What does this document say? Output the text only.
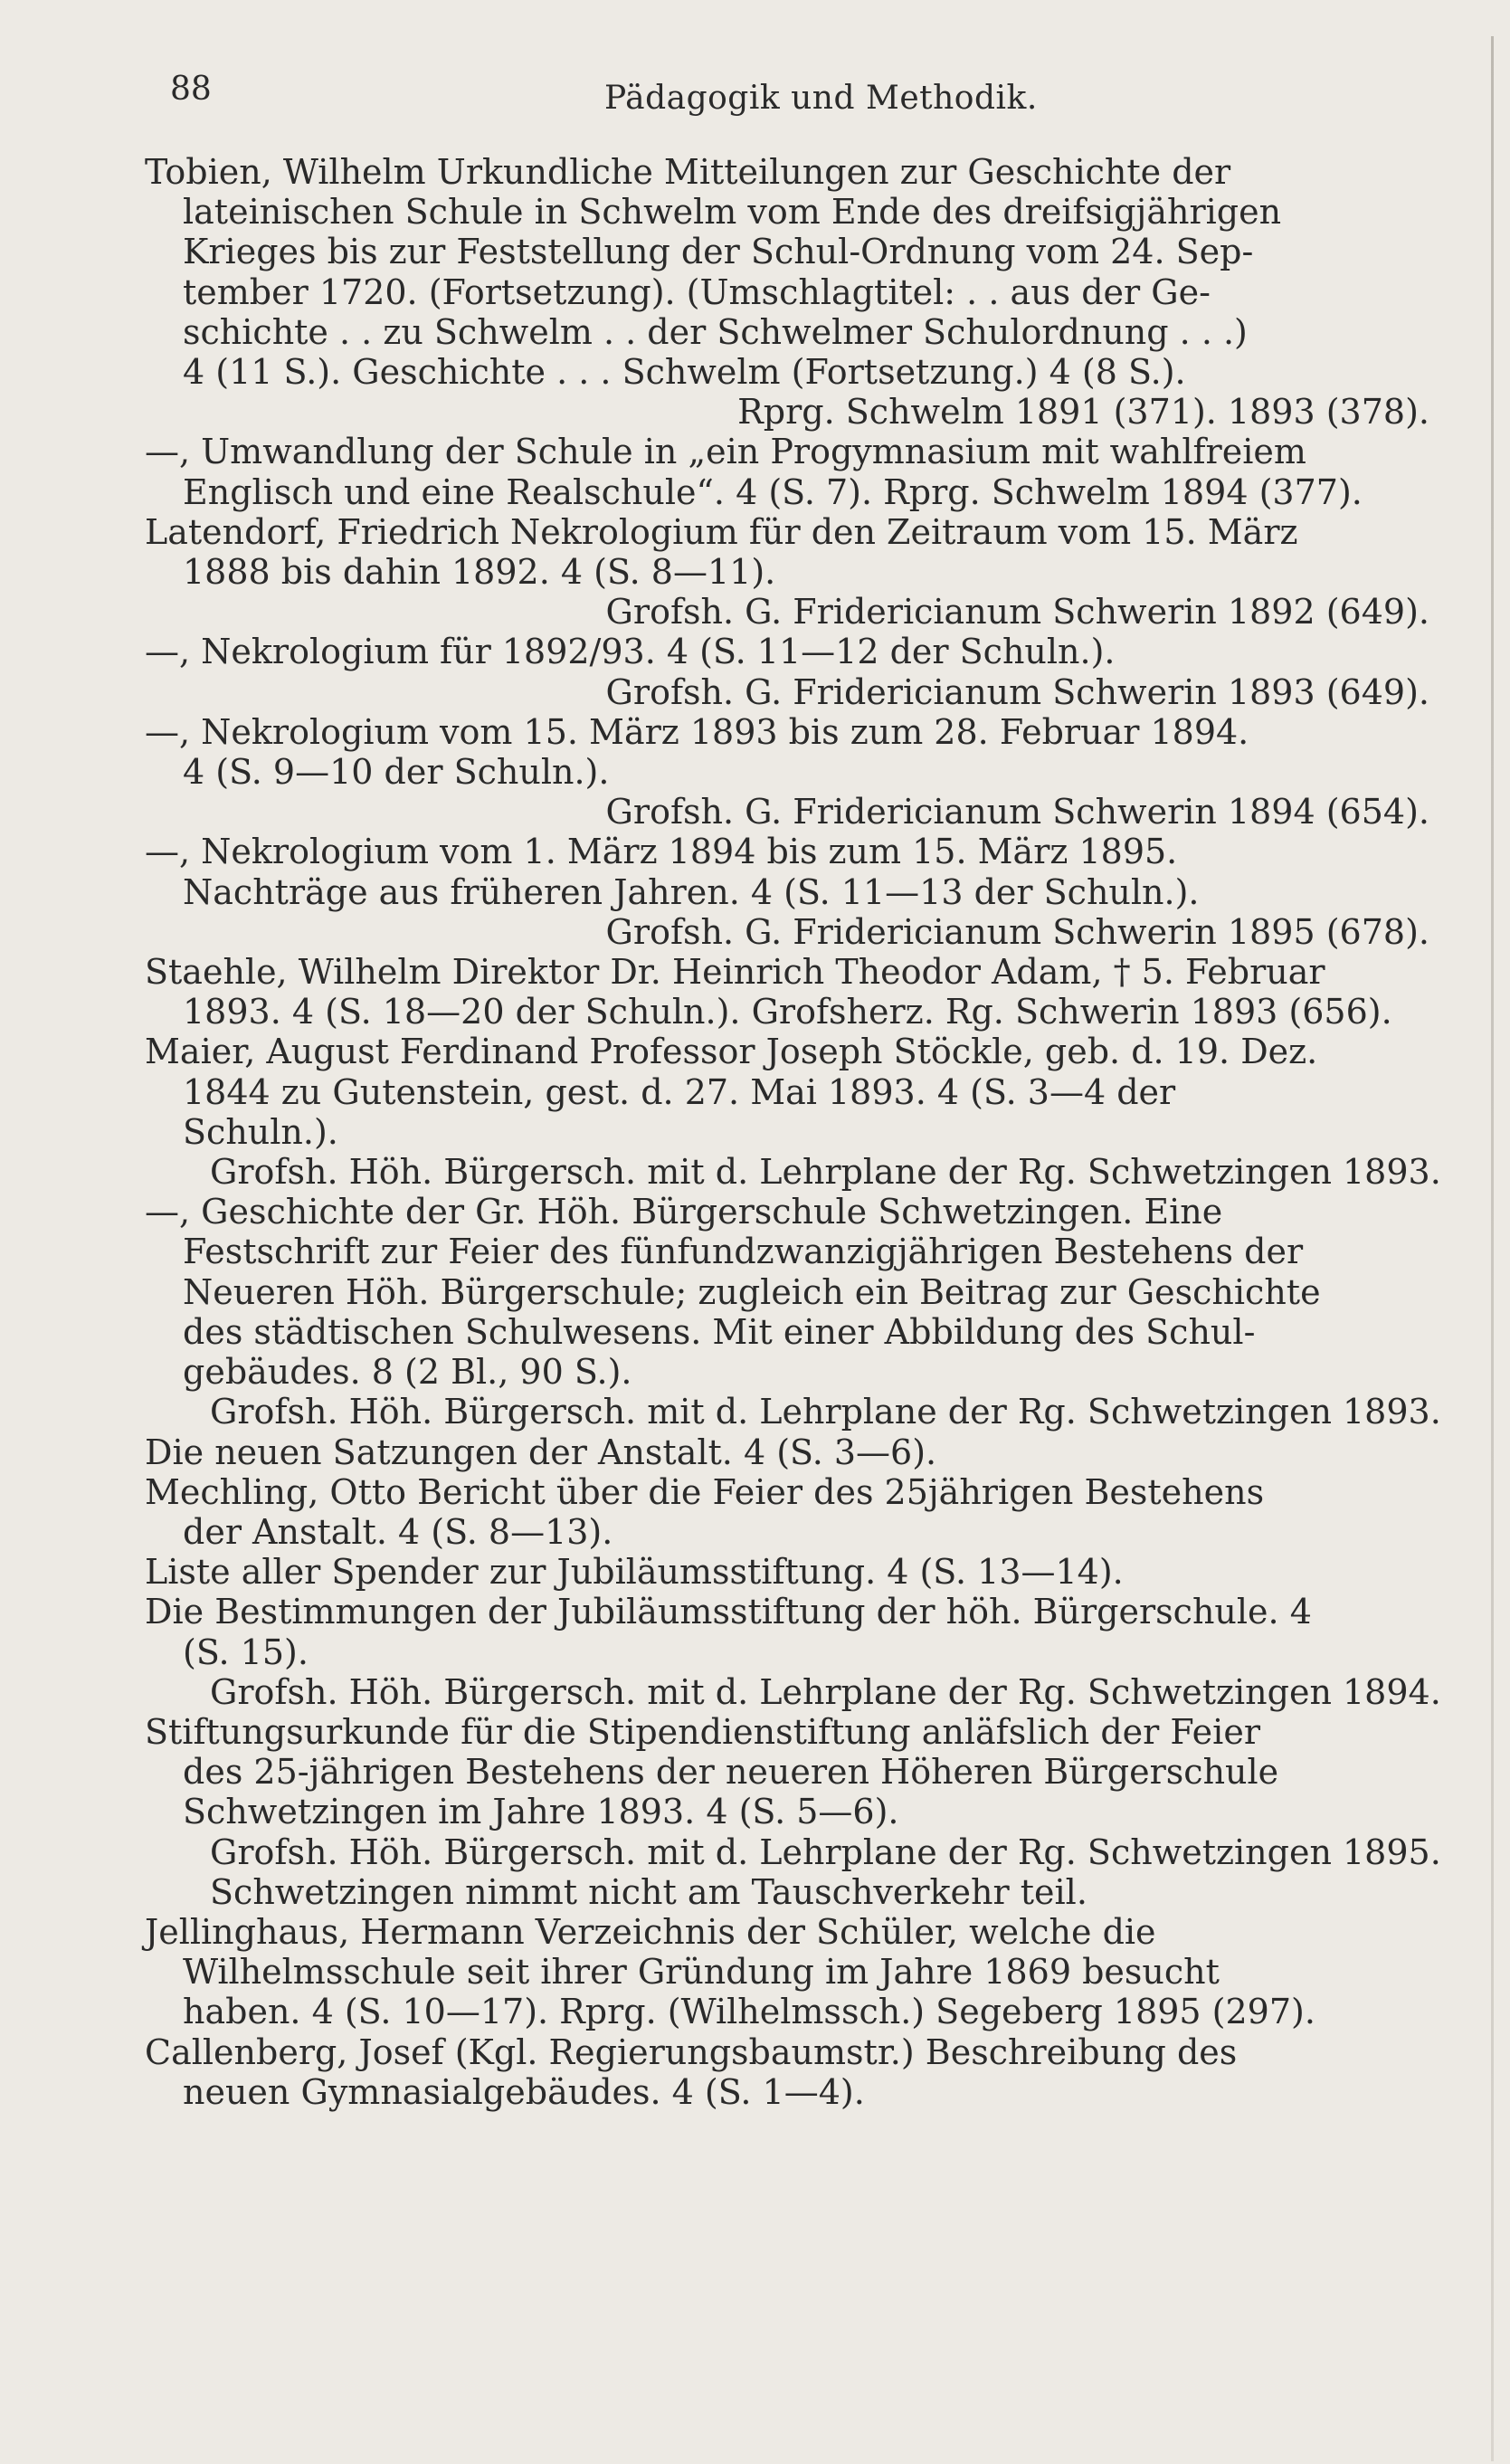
88	Pädagogik und Methodik.
Tobien, Wilhelm Urkundliche Mitteilungen zur Geschichte der
lateinischen Schule in Schwelm vom Ende des dreifsigjährigen
Krieges bis zur Feststellung der Schul-Ordnung vom 24. Sep-
tember 1720. (Fortsetzung). (Umschlagtitel: . . aus der Ge-
schichte . . zu Schwelm . . der Schwelmer Schulordnung . . .)
4 (11 S.). Geschichte . . . Schwelm (Fortsetzung.) 4 (8 S.).
Rprg. Schwelm 1891 (371). 1893 (378).
—, Umwandlung der Schule in „ein Progymnasium mit wahlfreiem
Englisch und eine Realschule“. 4 (S. 7). Rprg. Schwelm 1894 (377).
Latendorf, Friedrich Nekrologium für den Zeitraum vom 15. März
1888 bis dahin 1892. 4 (S. 8—11).
Grofsh. G. Fridericianum Schwerin 1892 (649).
—, Nekrologium für 1892/93. 4 (S. 11—12 der Schuln.).
Grofsh. G. Fridericianum Schwerin 1893 (649).
—, Nekrologium vom 15. März 1893 bis zum 28. Februar 1894.
4 (S. 9—10 der Schuln.).
Grofsh. G. Fridericianum Schwerin 1894 (654).
—, Nekrologium vom 1. März 1894 bis zum 15. März 1895.
Nachträge aus früheren Jahren. 4 (S. 11—13 der Schuln.).
Grofsh. G. Fridericianum Schwerin 1895 (678).
Staehle, Wilhelm Direktor Dr. Heinrich Theodor Adam, † 5. Februar
1893. 4 (S. 18—20 der Schuln.). Grofsherz. Rg. Schwerin 1893 (656).
Maier, August Ferdinand Professor Joseph Stöckle, geb. d. 19. Dez.
1844 zu Gutenstein, gest. d. 27. Mai 1893. 4 (S. 3—4 der
Schuln.).
Grofsh. Höh. Bürgersch. mit d. Lehrplane der Rg. Schwetzingen 1893.
—, Geschichte der Gr. Höh. Bürgerschule Schwetzingen. Eine
Festschrift zur Feier des fünfundzwanzigjährigen Bestehens der
Neueren Höh. Bürgerschule; zugleich ein Beitrag zur Geschichte
des städtischen Schulwesens. Mit einer Abbildung des Schul-
gebäudes. 8 (2 Bl., 90 S.).
Grofsh. Höh. Bürgersch. mit d. Lehrplane der Rg. Schwetzingen 1893.
Die neuen Satzungen der Anstalt. 4 (S. 3—6).
Mechling, Otto Bericht über die Feier des 25jährigen Bestehens
der Anstalt. 4 (S. 8—13).
Liste aller Spender zur Jubiläumsstiftung. 4 (S. 13—14).
Die Bestimmungen der Jubiläumsstiftung der höh. Bürgerschule. 4
(S. 15).
Grofsh. Höh. Bürgersch. mit d. Lehrplane der Rg. Schwetzingen 1894.
Stiftungsurkunde für die Stipendienstiftung anläfslich der Feier
des 25-jährigen Bestehens der neueren Höheren Bürgerschule
Schwetzingen im Jahre 1893. 4 (S. 5—6).
Grofsh. Höh. Bürgersch. mit d. Lehrplane der Rg. Schwetzingen 1895.
Schwetzingen nimmt nicht am Tauschverkehr teil.
Jellinghaus, Hermann Verzeichnis der Schüler, welche die
Wilhelmsschule seit ihrer Gründung im Jahre 1869 besucht
haben. 4 (S. 10—17). Rprg. (Wilhelmssch.) Segeberg 1895 (297).
Callenberg, Josef (Kgl. Regierungsbaumstr.) Beschreibung des
neuen Gymnasialgebäudes. 4 (S. 1—4).
